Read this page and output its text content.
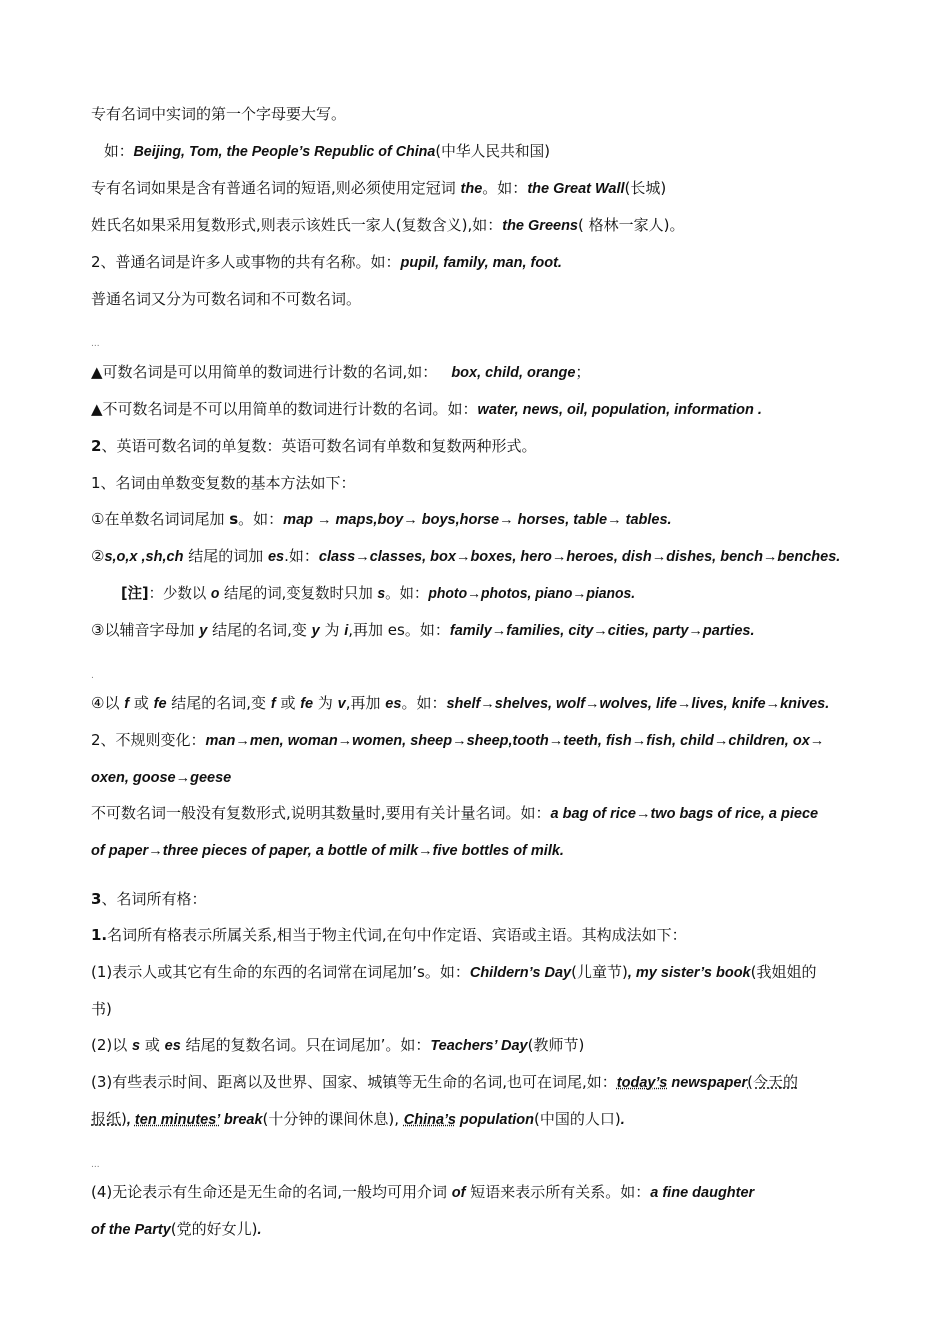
专有名词中实词的第一个字母要大写。
如：Beijing, Tom, the People’s Republic of China(中华人民共和国)
专有名词如果是含有普通名词的短语,则必须使用定冠词 the。如：the Great Wall(长城)
姓氏名如果采用复数形式,则表示该姓氏一家人(复数含义),如：the Greens( 格林一家人)。
2、普通名词是许多人或事物的共有名称。如：pupil, family, man, foot.
普通名词又分为可数名词和不可数名词。
...
▲可数名词是可以用简单的数词进行计数的名词,如： box, child, orange；
▲不可数名词是不可以用简单的数词进行计数的名词。如：water, news, oil, population, information .
2、英语可数名词的单复数：英语可数名词有单数和复数两种形式。
1、名词由单数变复数的基本方法如下：
①在单数名词词尾加 s。如：map → maps,boy→ boys,horse→ horses, table→ tables.
②s,o,x ,sh,ch 结尾的词加 es.如：class→classes, box→boxes, hero→heroes, dish→dishes, bench→benches.
[注]：少数以 o 结尾的词,变复数时只加 s。如：photo→photos, piano→pianos.
③以辅音字母加 y 结尾的名词,变 y 为 i,再加 es。如：family→families, city→cities, party→parties.
.
④以 f 或 fe 结尾的名词,变 f 或 fe 为 v,再加 es。如：shelf→shelves, wolf→wolves, life→lives, knife→knives.
2、不规则变化：man→men, woman→women, sheep→sheep,tooth→teeth, fish→fish, child→children, ox→
oxen, goose→geese
不可数名词一般没有复数形式,说明其数量时,要用有关计量名词。如：a bag of rice→two bags of rice, a piece
of paper→three pieces of paper, a bottle of milk→five bottles of milk.
3、名词所有格：
1.名词所有格表示所属关系,相当于物主代词,在句中作定语、宾语或主语。其构成法如下：
(1)表示人或其它有生命的东西的名词常在词尾加’s。如：Childern’s Day(儿童节), my sister’s book(我姐姐的
书)
(2)以 s 或 es 结尾的复数名词。只在词尾加’。如：Teachers’ Day(教师节)
(3)有些表示时间、距离以及世界、国家、城镇等无生命的名词,也可在词尾,如：today’s newspaper(今天的
报纸), ten minutes’ break(十分钟的课间休息), China’s population(中国的人口).
...
(4)无论表示有生命还是无生命的名词,一般均可用介词 of 短语来表示所有关系。如：a fine daughter
of the Party(党的好女儿).
